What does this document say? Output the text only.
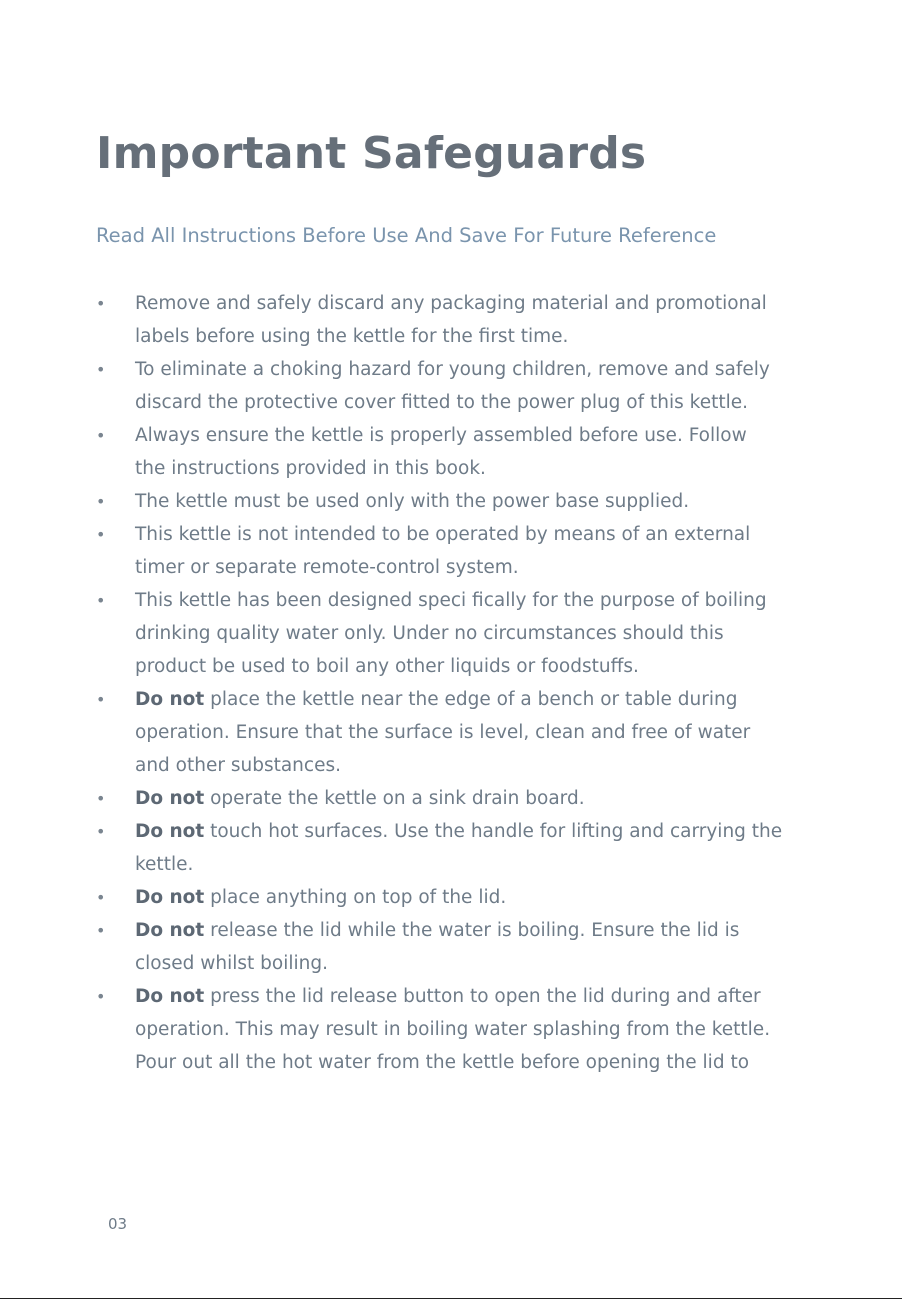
Important Safeguards

Read All Instructions Before Use And Save For Future Reference

• Remove and safely discard any packaging material and promotional
labels before using the kettle for the first time.
• To eliminate a choking hazard for young children, remove and safely
discard the protective cover fitted to the power plug of this kettle.
• Always ensure the kettle is properly assembled before use. Follow
the instructions provided in this book.
• The kettle must be used only with the power base supplied.
• This kettle is not intended to be operated by means of an external
timer or separate remote-control system.
• This kettle has been designed speci fically for the purpose of boiling
drinking quality water only. Under no circumstances should this
product be used to boil any other liquids or foodstuffs.
• Do not place the kettle near the edge of a bench or table during
operation. Ensure that the surface is level, clean and free of water
and other substances.
• Do not operate the kettle on a sink drain board.
• Do not touch hot surfaces. Use the handle for lifting and carrying the
kettle.
• Do not place anything on top of the lid.
• Do not release the lid while the water is boiling. Ensure the lid is
closed whilst boiling.
• Do not press the lid release button to open the lid during and after
operation. This may result in boiling water splashing from the kettle.
Pour out all the hot water from the kettle before opening the lid to
03
